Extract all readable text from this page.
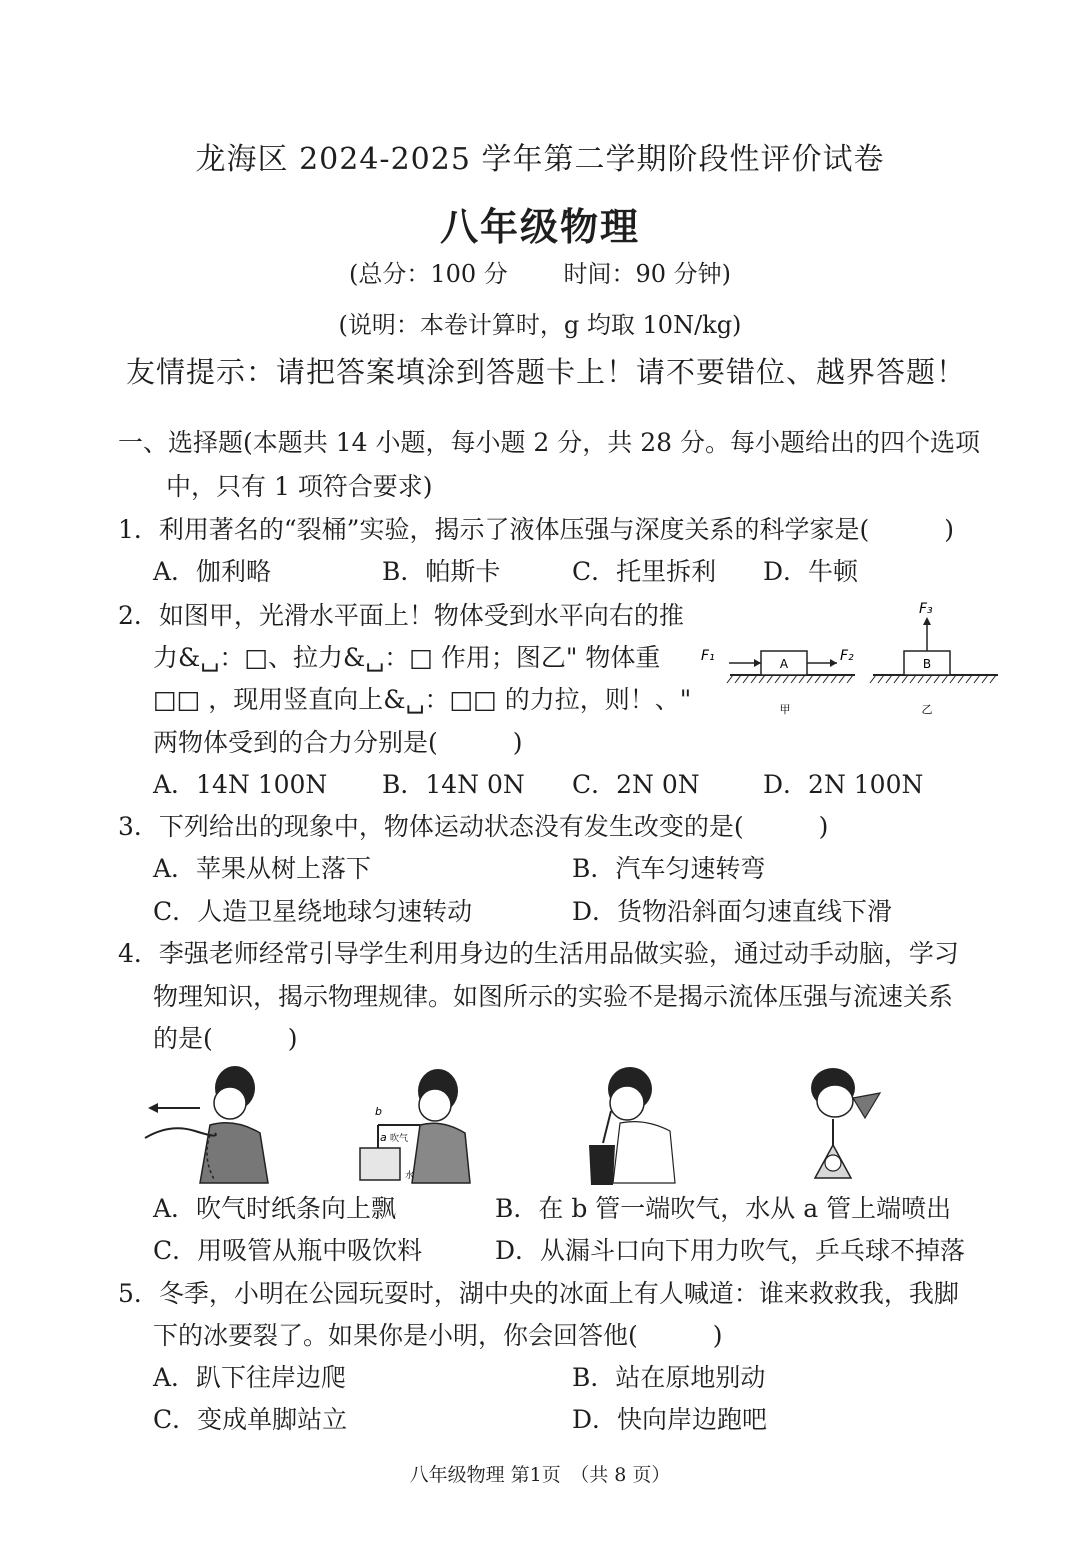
龙海区 2024-2025 学年第二学期阶段性评价试卷
八年级物理
(总分：100 分 时间：90 分钟)
(说明：本卷计算时，g 均取 10N/kg)
友情提示：请把答案填涂到答题卡上！请不要错位、越界答题！
一、选择题(本题共 14 小题，每小题 2 分，共 28 分。每小题给出的四个选项
中，只有 1 项符合要求)
1．利用著名的“裂桶”实验，揭示了液体压强与深度关系的科学家是(　　　)
A．伽利略	B．帕斯卡	C．托里拆利 D．牛顿
2．如图甲，光滑水平面上！物体受到水平向右的推
力&␣：□、拉力&␣：□ 作用；图乙" 物体重
□□ ，现用竖直向上&␣：□□ 的力拉，则！、"
两物体受到的合力分别是(　　　)
A
F₁	F₂
甲
B
F₃
乙
A．14N 100N B．14N 0N C．2N 0N	D．2N 100N
3．下列给出的现象中，物体运动状态没有发生改变的是(　　　)
A．苹果从树上落下	B．汽车匀速转弯
C．人造卫星绕地球匀速转动	D．货物沿斜面匀速直线下滑
4．李强老师经常引导学生利用身边的生活用品做实验，通过动手动脑，学习
物理知识，揭示物理规律。如图所示的实验不是揭示流体压强与流速关系
的是(　　　)
b
a 吹气
水
A．吹气时纸条向上飘	B．在 b 管一端吹气，水从 a 管上端喷出
C．用吸管从瓶中吸饮料	D．从漏斗口向下用力吹气，乒乓球不掉落
5．冬季，小明在公园玩耍时，湖中央的冰面上有人喊道：谁来救救我，我脚
下的冰要裂了。如果你是小明，你会回答他(　　　)
A．趴下往岸边爬	B．站在原地别动
C．变成单脚站立	D．快向岸边跑吧
八年级物理 第1页　（共 8 页）
